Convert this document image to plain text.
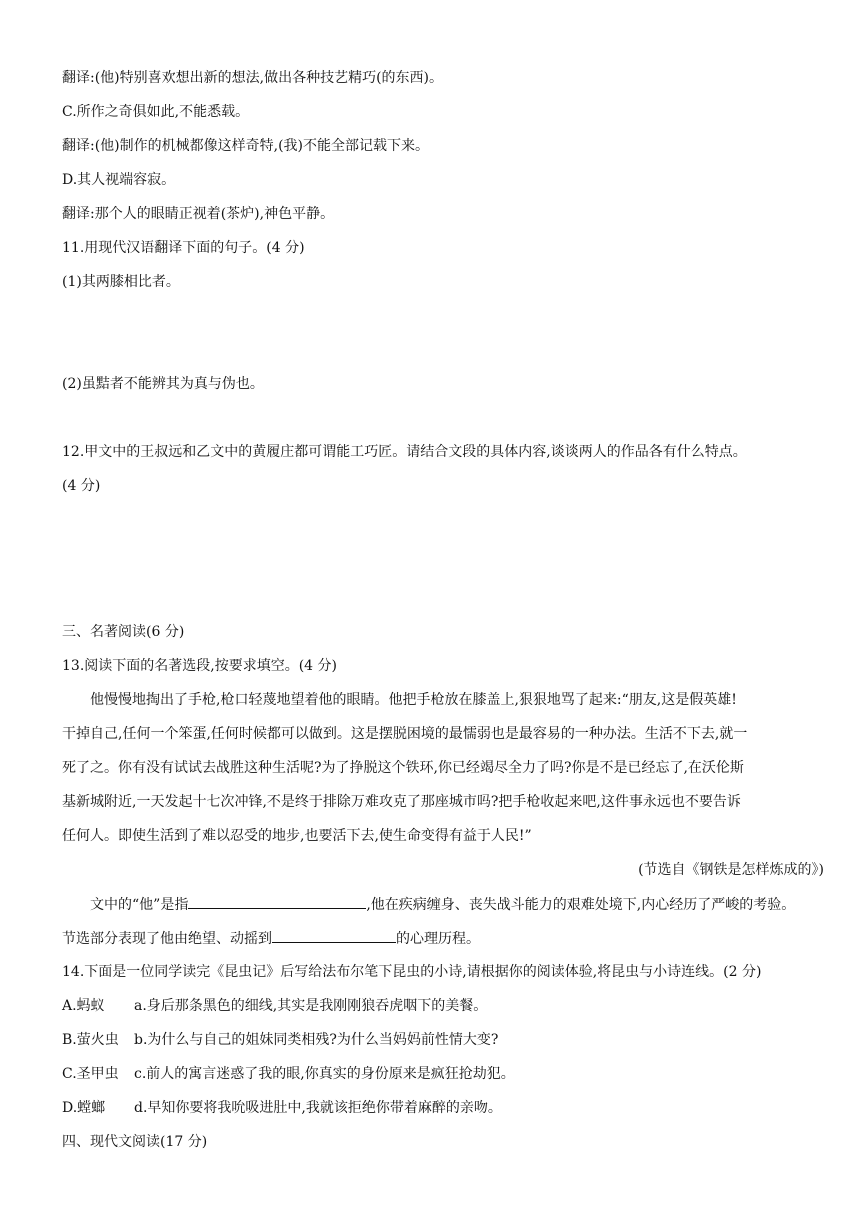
翻译:(他)特别喜欢想出新的想法,做出各种技艺精巧(的东西)。
C.所作之奇俱如此,不能悉载。
翻译:(他)制作的机械都像这样奇特,(我)不能全部记载下来。
D.其人视端容寂。
翻译:那个人的眼睛正视着(茶炉),神色平静。
11.用现代汉语翻译下面的句子。(4 分)
(1)其两膝相比者。
(2)虽黠者不能辨其为真与伪也。
12.甲文中的王叔远和乙文中的黄履庄都可谓能工巧匠。请结合文段的具体内容,谈谈两人的作品各有什么特点。
(4 分)
三、名著阅读(6 分)
13.阅读下面的名著选段,按要求填空。(4 分)
他慢慢地掏出了手枪,枪口轻蔑地望着他的眼睛。他把手枪放在膝盖上,狠狠地骂了起来:“朋友,这是假英雄!
干掉自己,任何一个笨蛋,任何时候都可以做到。这是摆脱困境的最懦弱也是最容易的一种办法。生活不下去,就一
死了之。你有没有试试去战胜这种生活呢?为了挣脱这个铁环,你已经竭尽全力了吗?你是不是已经忘了,在沃伦斯
基新城附近,一天发起十七次冲锋,不是终于排除万难攻克了那座城市吗?把手枪收起来吧,这件事永远也不要告诉
任何人。即使生活到了难以忍受的地步,也要活下去,使生命变得有益于人民!”
(节选自《钢铁是怎样炼成的》)
文中的“他”是指	,他在疾病缠身、丧失战斗能力的艰难处境下,内心经历了严峻的考验。
节选部分表现了他由绝望、动摇到	的心理历程。
14.下面是一位同学读完《昆虫记》后写给法布尔笔下昆虫的小诗,请根据你的阅读体验,将昆虫与小诗连线。(2 分)
A.蚂蚁 a.身后那条黑色的细线,其实是我刚刚狼吞虎咽下的美餐。
B.萤火虫 b.为什么与自己的姐妹同类相残?为什么当妈妈前性情大变?
C.圣甲虫 c.前人的寓言迷惑了我的眼,你真实的身份原来是疯狂抢劫犯。
D.螳螂 d.早知你要将我吮吸进肚中,我就该拒绝你带着麻醉的亲吻。
四、现代文阅读(17 分)
